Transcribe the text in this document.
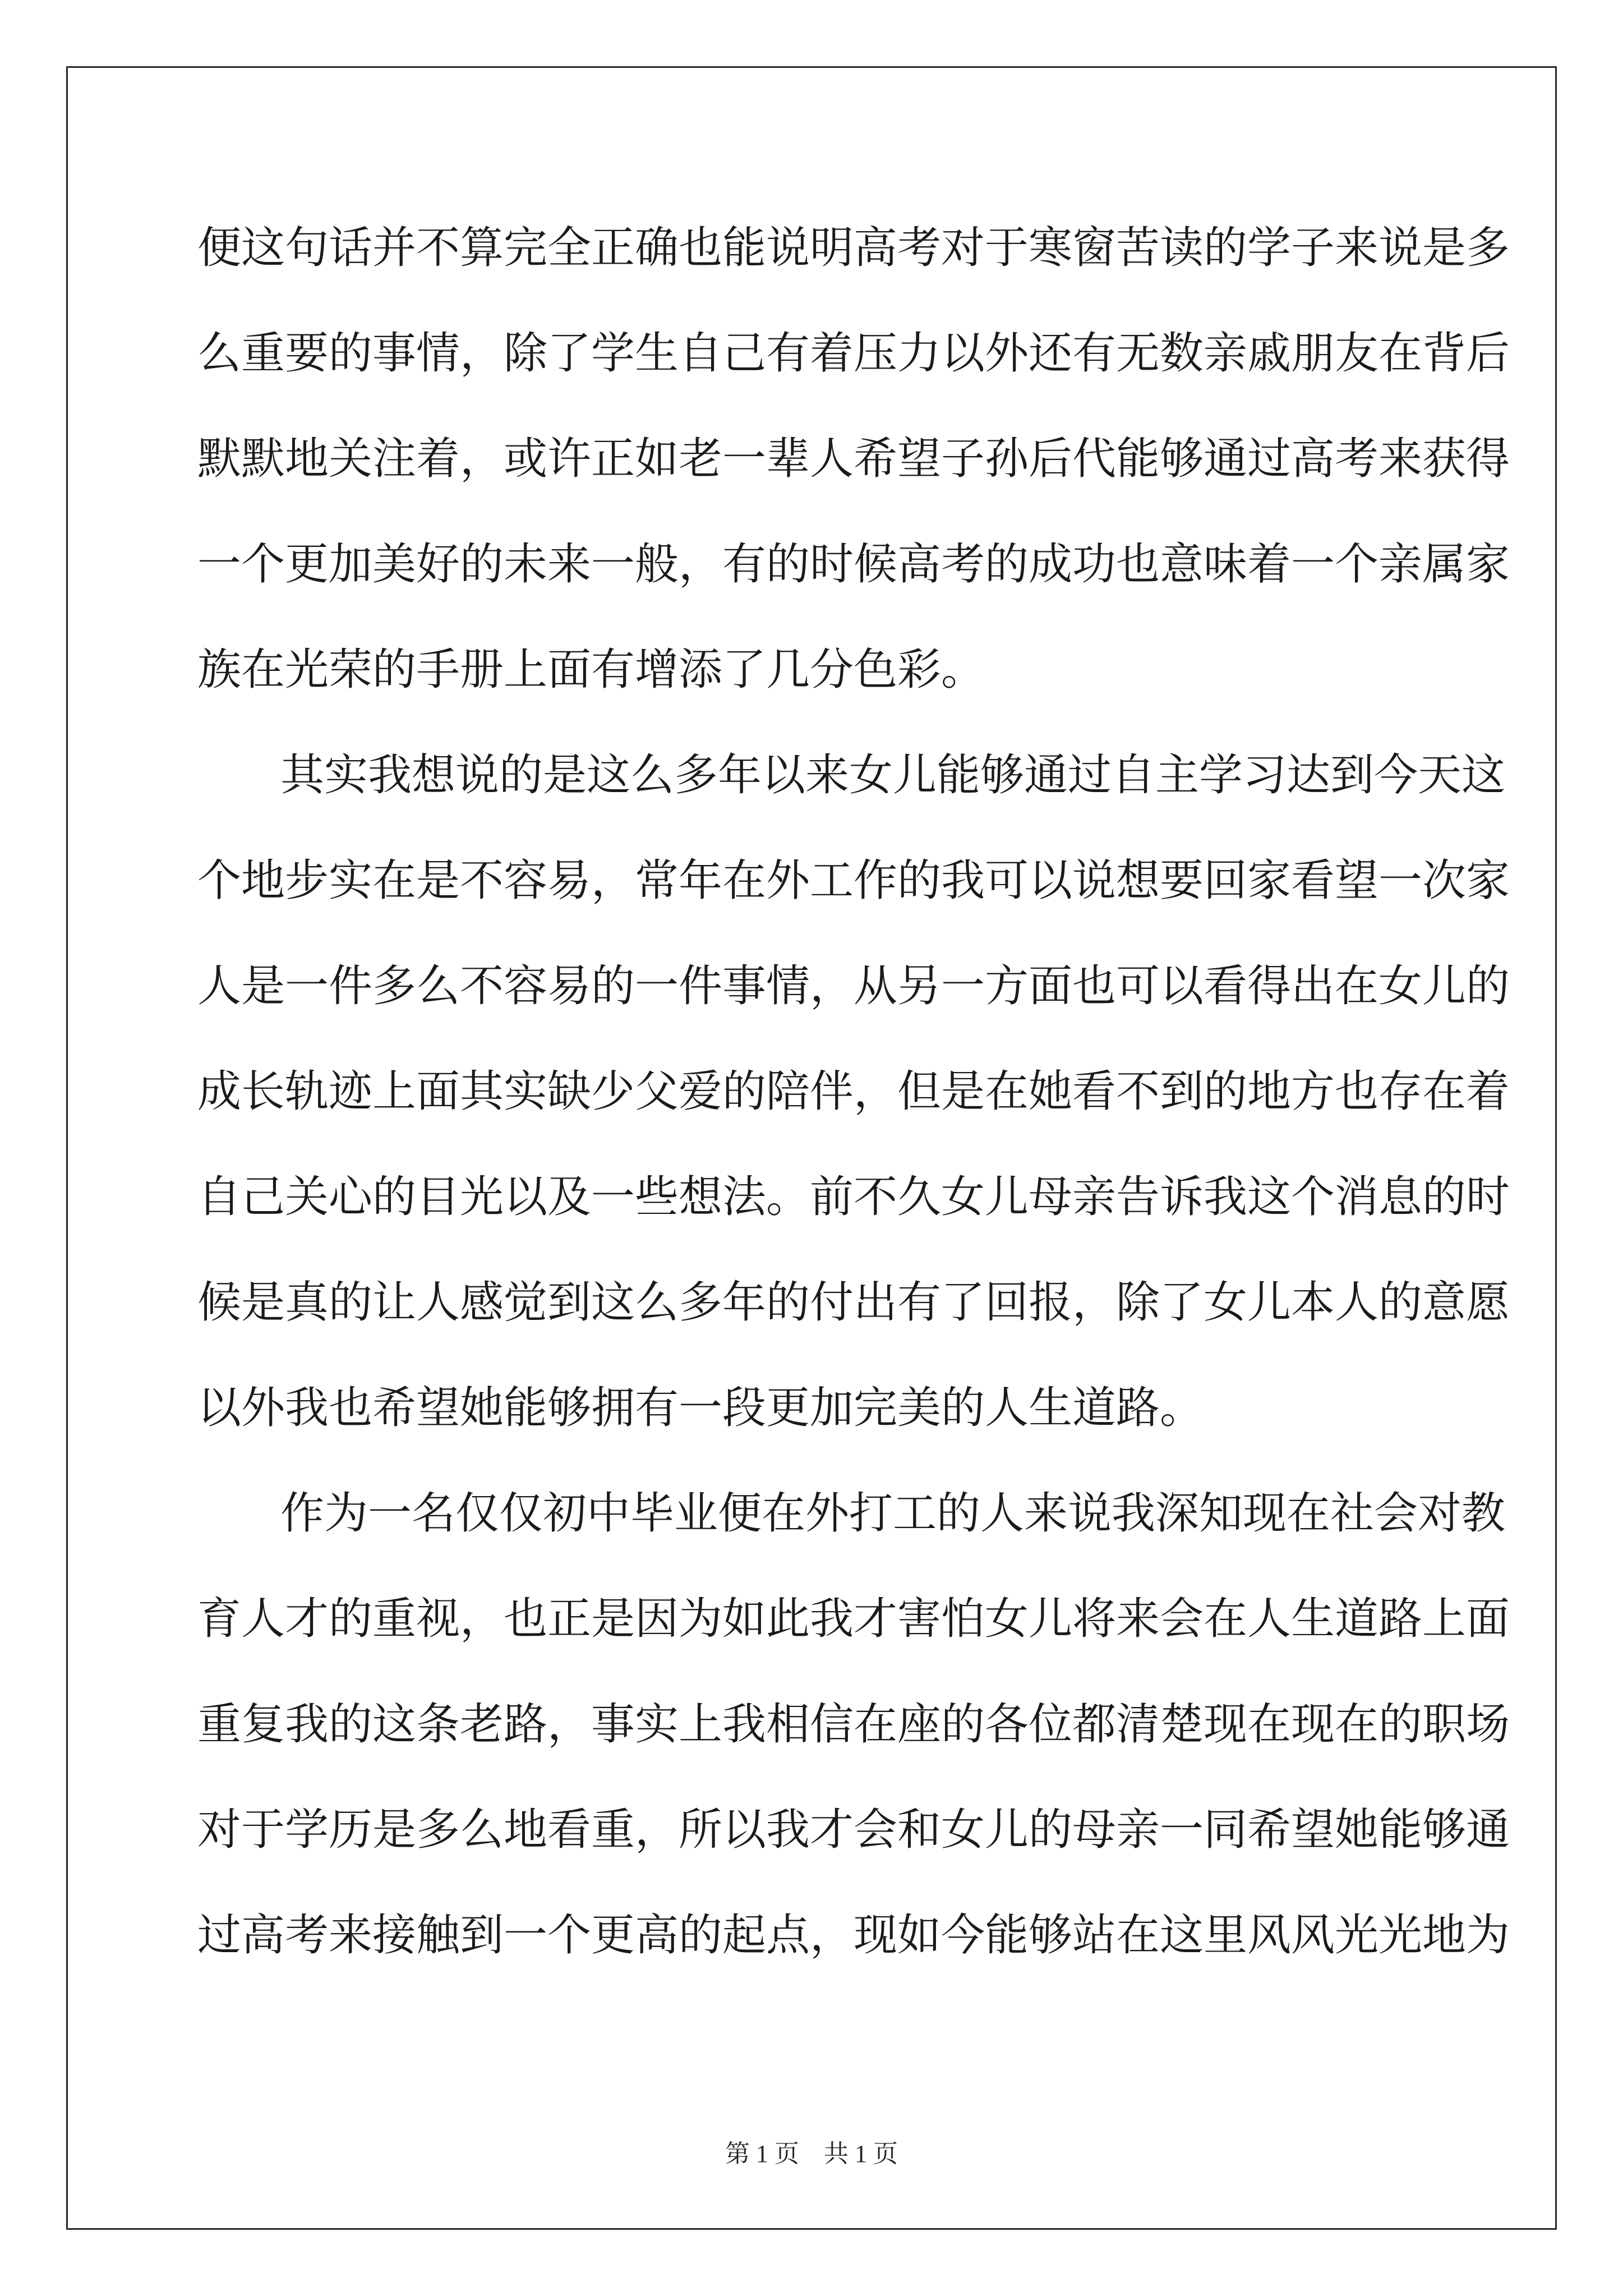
便这句话并不算完全正确也能说明高考对于寒窗苦读的学子来说是多
么重要的事情，除了学生自己有着压力以外还有无数亲戚朋友在背后
默默地关注着，或许正如老一辈人希望子孙后代能够通过高考来获得
一个更加美好的未来一般，有的时候高考的成功也意味着一个亲属家
族在光荣的手册上面有增添了几分色彩。
其实我想说的是这么多年以来女儿能够通过自主学习达到今天这
个地步实在是不容易，常年在外工作的我可以说想要回家看望一次家
人是一件多么不容易的一件事情，从另一方面也可以看得出在女儿的
成长轨迹上面其实缺少父爱的陪伴，但是在她看不到的地方也存在着
自己关心的目光以及一些想法。前不久女儿母亲告诉我这个消息的时
候是真的让人感觉到这么多年的付出有了回报，除了女儿本人的意愿
以外我也希望她能够拥有一段更加完美的人生道路。
作为一名仅仅初中毕业便在外打工的人来说我深知现在社会对教
育人才的重视，也正是因为如此我才害怕女儿将来会在人生道路上面
重复我的这条老路，事实上我相信在座的各位都清楚现在现在的职场
对于学历是多么地看重，所以我才会和女儿的母亲一同希望她能够通
过高考来接触到一个更高的起点，现如今能够站在这里风风光光地为
第 1 页 共 1 页
